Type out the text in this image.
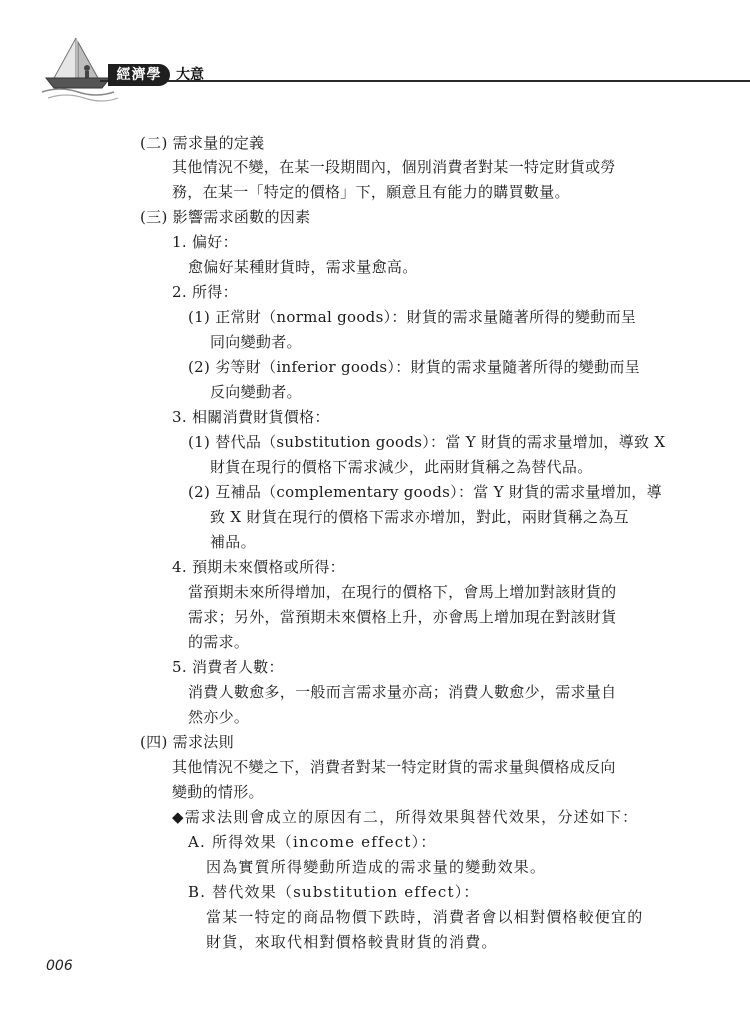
經濟學	大意
(二) 需求量的定義
其他情況不變，在某一段期間內，個別消費者對某一特定財貨或勞
務，在某一「特定的價格」下，願意且有能力的購買數量。
(三) 影響需求函數的因素
1. 偏好：
愈偏好某種財貨時，需求量愈高。
2. 所得：
(1) 正常財（normal goods）：財貨的需求量隨著所得的變動而呈
同向變動者。
(2) 劣等財（inferior goods）：財貨的需求量隨著所得的變動而呈
反向變動者。
3. 相關消費財貨價格：
(1) 替代品（substitution goods）：當 Y 財貨的需求量增加，導致 X
財貨在現行的價格下需求減少，此兩財貨稱之為替代品。
(2) 互補品（complementary goods）：當 Y 財貨的需求量增加，導
致 X 財貨在現行的價格下需求亦增加，對此，兩財貨稱之為互
補品。
4. 預期未來價格或所得：
當預期未來所得增加，在現行的價格下，會馬上增加對該財貨的
需求；另外，當預期未來價格上升，亦會馬上增加現在對該財貨
的需求。
5. 消費者人數：
消費人數愈多，一般而言需求量亦高；消費人數愈少，需求量自
然亦少。
(四) 需求法則
其他情況不變之下，消費者對某一特定財貨的需求量與價格成反向
變動的情形。
◆需求法則會成立的原因有二，所得效果與替代效果，分述如下：
A. 所得效果（income effect）：
因為實質所得變動所造成的需求量的變動效果。
B. 替代效果（substitution effect）：
當某一特定的商品物價下跌時，消費者會以相對價格較便宜的
財貨，來取代相對價格較貴財貨的消費。
006
